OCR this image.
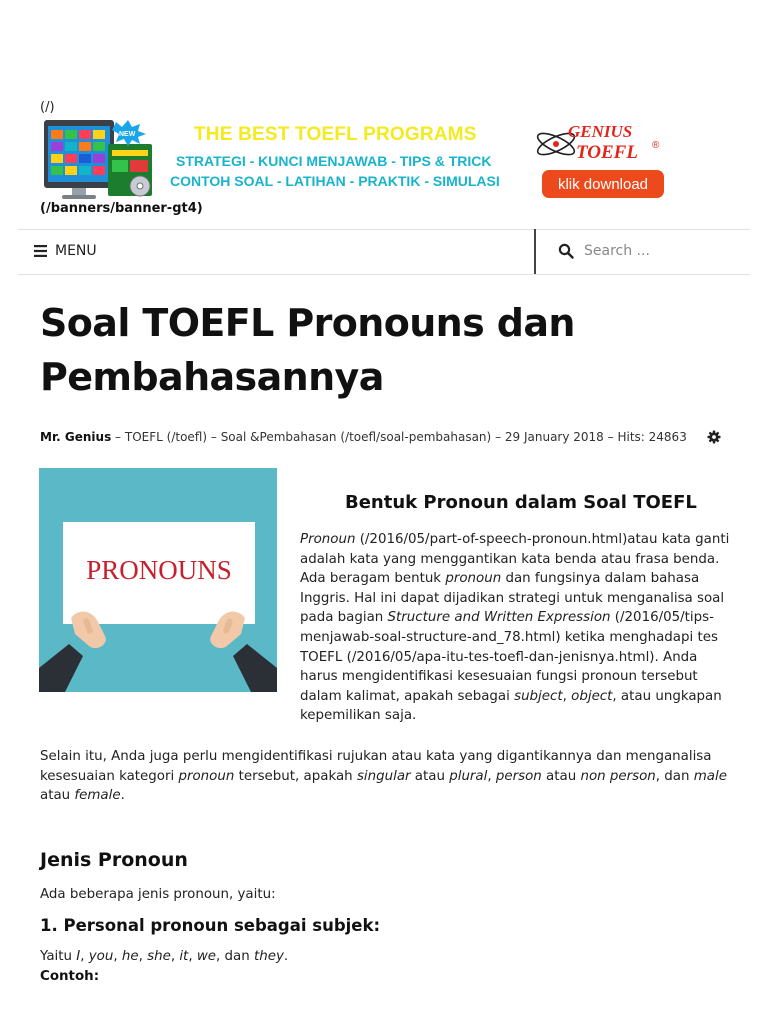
(/)
NEW	THE BEST TOEFL PROGRAMS
STRATEGI - KUNCI MENJAWAB - TIPS & TRICK
CONTOH SOAL - LATIHAN - PRAKTIK - SIMULASI
GENIUS
TOEFL ®
klik download
(/banners/banner-gt4)
MENU
Search ...
Soal TOEFL Pronouns dan Pembahasannya
Mr. Genius – TOEFL (/toefl) – Soal &Pembahasan (/toefl/soal-pembahasan) – 29 January 2018 – Hits: 24863
PRONOUNS
Bentuk Pronoun dalam Soal TOEFL

Pronoun (/2016/05/part-of-speech-pronoun.html)atau kata ganti adalah kata yang menggantikan kata benda atau frasa benda. Ada beragam bentuk pronoun dan fungsinya dalam bahasa Inggris. Hal ini dapat dijadikan strategi untuk menganalisa soal pada bagian Structure and Written Expression (/2016/05/tips-menjawab-soal-structure-and_78.html) ketika menghadapi tes TOEFL (/2016/05/apa-itu-tes-toefl-dan-jenisnya.html). Anda harus mengidentifikasi kesesuaian fungsi pronoun tersebut dalam kalimat, apakah sebagai subject, object, atau ungkapan kepemilikan saja.

Selain itu, Anda juga perlu mengidentifikasi rujukan atau kata yang digantikannya dan menganalisa kesesuaian kategori pronoun tersebut, apakah singular atau plural, person atau non person, dan male atau female.

Jenis Pronoun

Ada beberapa jenis pronoun, yaitu:

1. Personal pronoun sebagai subjek:

Yaitu I, you, he, she, it, we, dan they.

Contoh:
